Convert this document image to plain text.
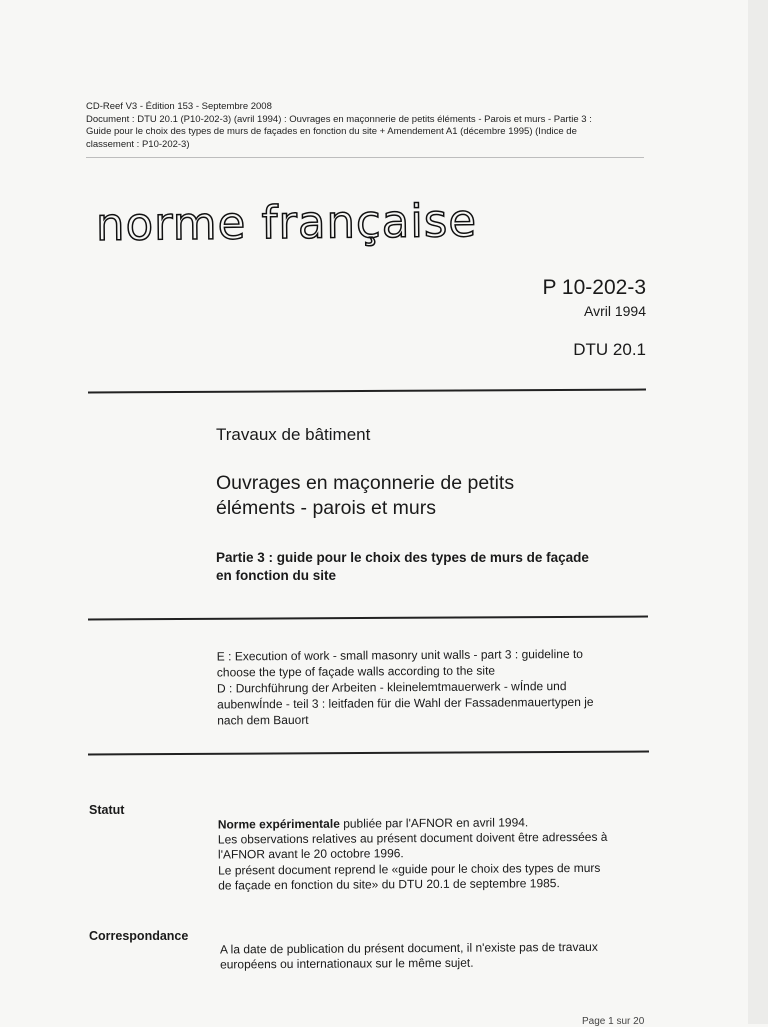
CD-Reef V3 - Édition 153 - Septembre 2008
Document : DTU 20.1 (P10-202-3) (avril 1994) : Ouvrages en maçonnerie de petits éléments - Parois et murs - Partie 3 :
Guide pour le choix des types de murs de façades en fonction du site + Amendement A1 (décembre 1995) (Indice de
classement : P10-202-3)
norme française
P 10-202-3
Avril 1994
DTU 20.1
Travaux de bâtiment
Ouvrages en maçonnerie de petits
éléments - parois et murs
Partie 3 : guide pour le choix des types de murs de façade
en fonction du site
E : Execution of work - small masonry unit walls - part 3 : guideline to
choose the type of façade walls according to the site
D : Durchführung der Arbeiten - kleinelemtmauerwerk - wÍnde und
aubenwÍnde - teil 3 : leitfaden für die Wahl der Fassadenmauertypen je
nach dem Bauort
Statut
Norme expérimentale publiée par l'AFNOR en avril 1994.
Les observations relatives au présent document doivent être adressées à
l'AFNOR avant le 20 octobre 1996.
Le présent document reprend le «guide pour le choix des types de murs
de façade en fonction du site» du DTU 20.1 de septembre 1985.
Correspondance
A la date de publication du présent document, il n'existe pas de travaux
européens ou internationaux sur le même sujet.
Page 1 sur 20
